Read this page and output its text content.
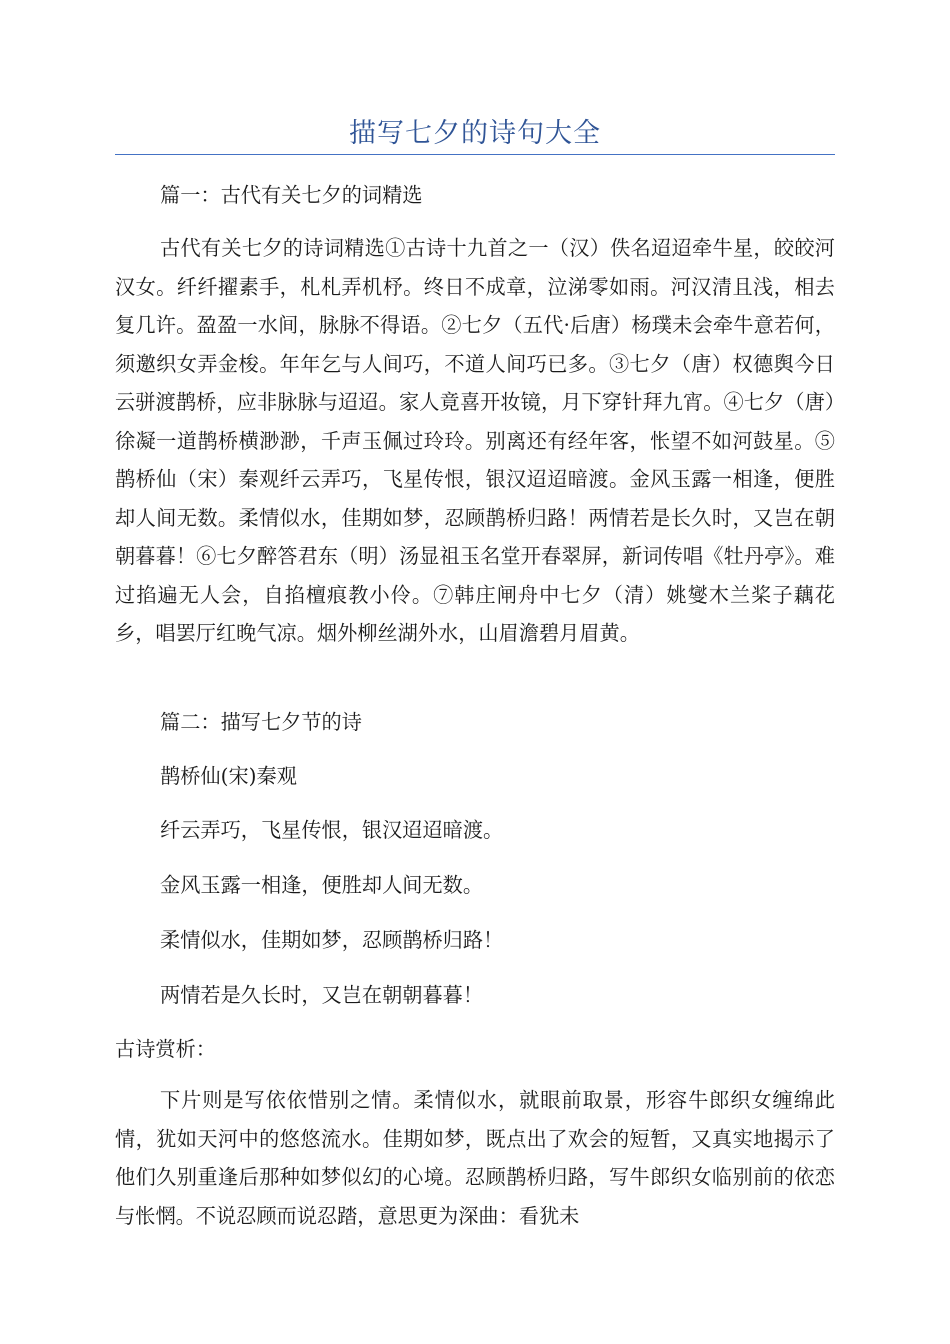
描写七夕的诗句大全
篇一：古代有关七夕的词精选

古代有关七夕的诗词精选①古诗十九首之一（汉）佚名迢迢牵牛星，皎皎河汉女。纤纤擢素手，札札弄机杼。终日不成章，泣涕零如雨。河汉清且浅，相去复几许。盈盈一水间，脉脉不得语。②七夕（五代·后唐）杨璞未会牵牛意若何，须邀织女弄金梭。年年乞与人间巧，不道人间巧已多。③七夕（唐）权德舆今日云骈渡鹊桥，应非脉脉与迢迢。家人竟喜开妆镜，月下穿针拜九宵。④七夕（唐）徐凝一道鹊桥横渺渺，千声玉佩过玲玲。别离还有经年客，怅望不如河鼓星。⑤鹊桥仙（宋）秦观纤云弄巧，飞星传恨，银汉迢迢暗渡。金风玉露一相逢，便胜却人间无数。柔情似水，佳期如梦，忍顾鹊桥归路！两情若是长久时，又岂在朝朝暮暮！⑥七夕醉答君东（明）汤显祖玉名堂开春翠屏，新词传唱《牡丹亭》。难过掐遍无人会，自掐檀痕教小伶。⑦韩庄闸舟中七夕（清）姚燮木兰桨子藕花乡，唱罢厅红晚气凉。烟外柳丝湖外水，山眉澹碧月眉黄。

篇二：描写七夕节的诗
鹊桥仙(宋)秦观
纤云弄巧，飞星传恨，银汉迢迢暗渡。
金风玉露一相逢，便胜却人间无数。
柔情似水，佳期如梦，忍顾鹊桥归路！
两情若是久长时，又岂在朝朝暮暮！
古诗赏析：

下片则是写依依惜别之情。柔情似水，就眼前取景，形容牛郎织女缠绵此情，犹如天河中的悠悠流水。佳期如梦，既点出了欢会的短暂，又真实地揭示了他们久别重逢后那种如梦似幻的心境。忍顾鹊桥归路，写牛郎织女临别前的依恋与怅惘。不说忍顾而说忍踏，意思更为深曲：看犹未
